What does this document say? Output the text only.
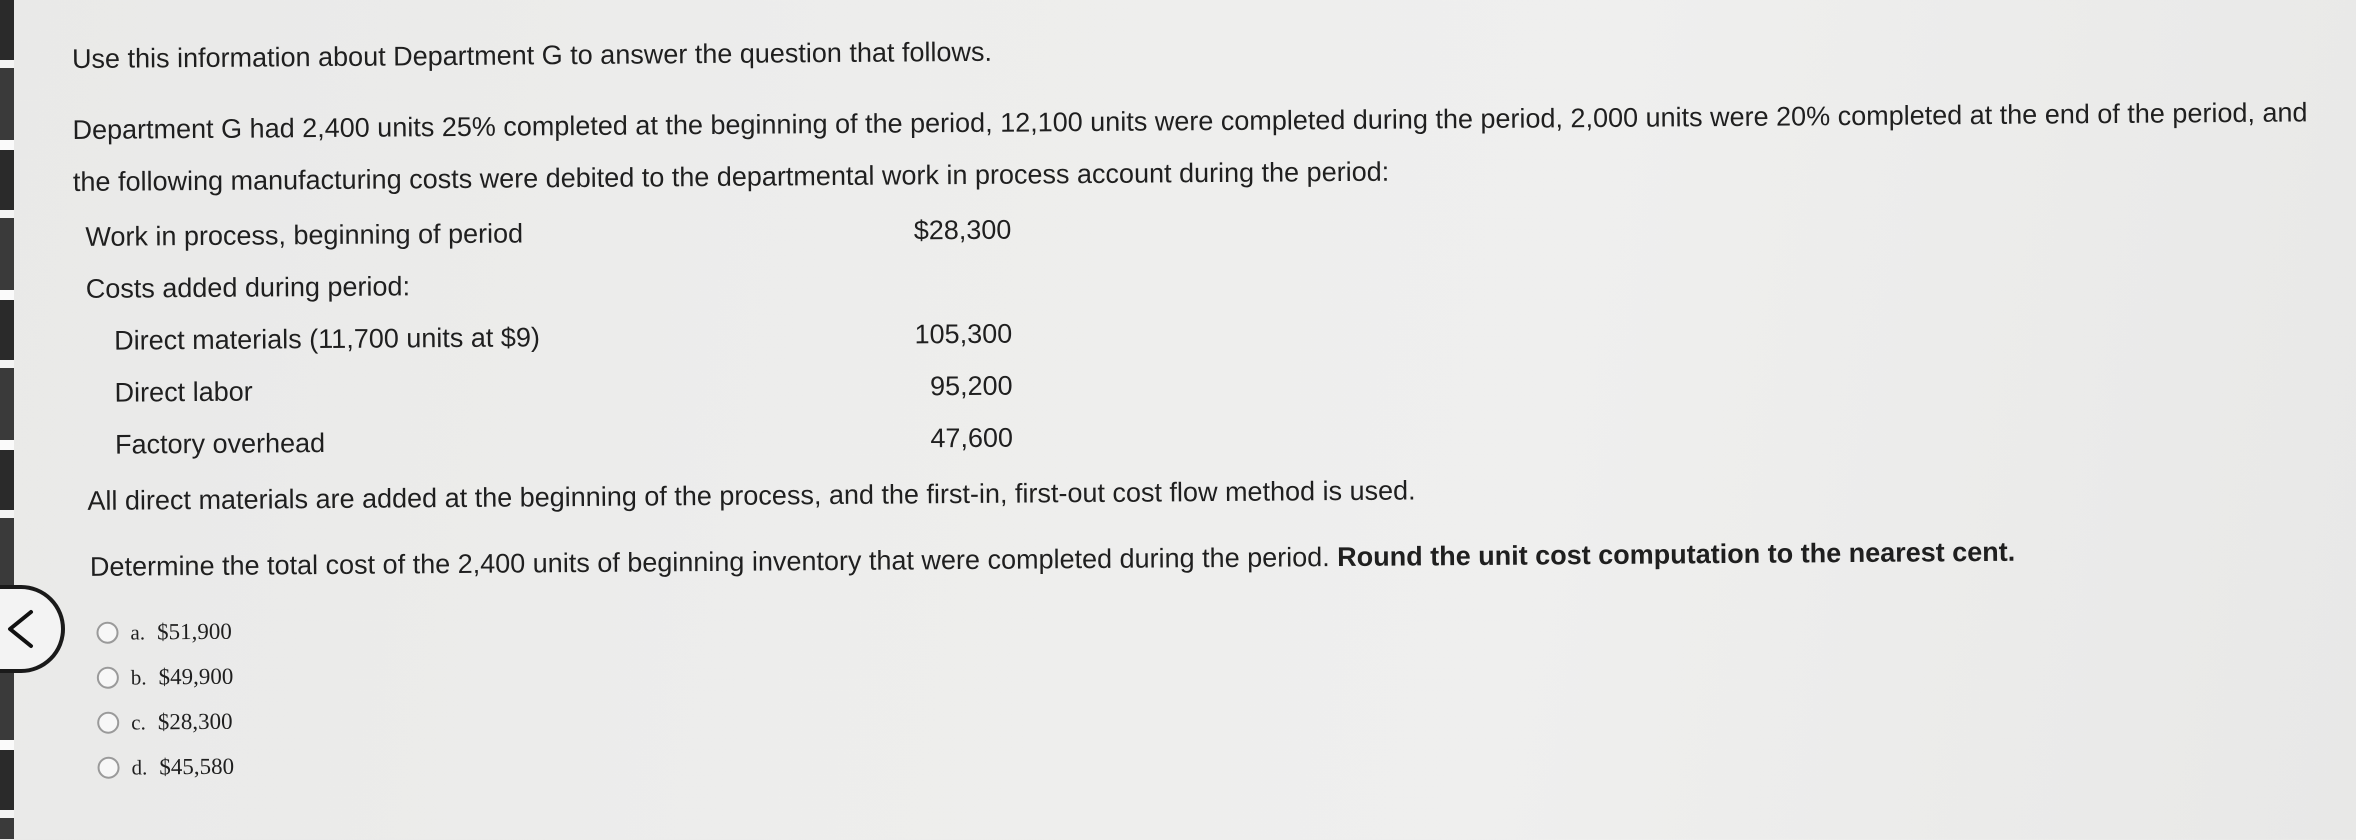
Use this information about Department G to answer the question that follows.
Department G had 2,400 units 25% completed at the beginning of the period, 12,100 units were completed during the period, 2,000 units were 20% completed at the end of the period, and the following manufacturing costs were debited to the departmental work in process account during the period:
Work in process, beginning of period	$28,300
Costs added during period:
Direct materials (11,700 units at $9)	105,300
Direct labor	95,200
Factory overhead	47,600
All direct materials are added at the beginning of the process, and the first-in, first-out cost flow method is used.
Determine the total cost of the 2,400 units of beginning inventory that were completed during the period. Round the unit cost computation to the nearest cent.
a. $51,900
b. $49,900
c. $28,300
d. $45,580
